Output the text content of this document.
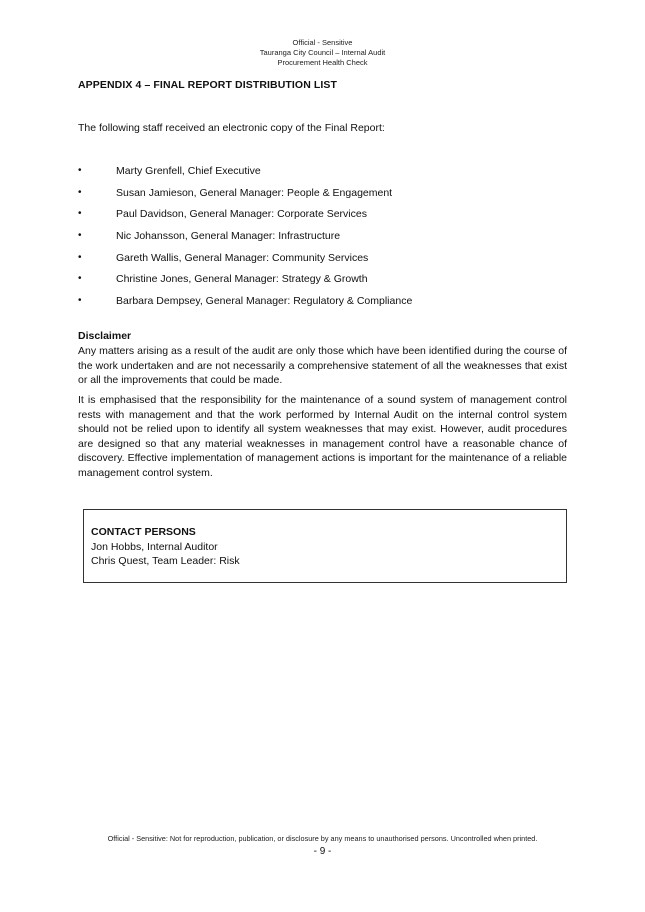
Official - Sensitive
Tauranga City Council – Internal Audit
Procurement Health Check
APPENDIX 4 – FINAL REPORT DISTRIBUTION LIST
The following staff received an electronic copy of the Final Report:
•	Marty Grenfell, Chief Executive
•	Susan Jamieson, General Manager: People & Engagement
•	Paul Davidson, General Manager: Corporate Services
•	Nic Johansson, General Manager: Infrastructure
•	Gareth Wallis, General Manager: Community Services
•	Christine Jones, General Manager: Strategy & Growth
•	Barbara Dempsey, General Manager: Regulatory & Compliance
Disclaimer

Any matters arising as a result of the audit are only those which have been identified during the course of the work undertaken and are not necessarily a comprehensive statement of all the weaknesses that exist or all the improvements that could be made.

It is emphasised that the responsibility for the maintenance of a sound system of management control rests with management and that the work performed by Internal Audit on the internal control system should not be relied upon to identify all system weaknesses that may exist. However, audit procedures are designed so that any material weaknesses in management control have a reasonable chance of discovery. Effective implementation of management actions is important for the maintenance of a reliable management control system.

CONTACT PERSONS
Jon Hobbs, Internal Auditor
Chris Quest, Team Leader: Risk
Official - Sensitive: Not for reproduction, publication, or disclosure by any means to unauthorised persons. Uncontrolled when printed.
- 9 -
